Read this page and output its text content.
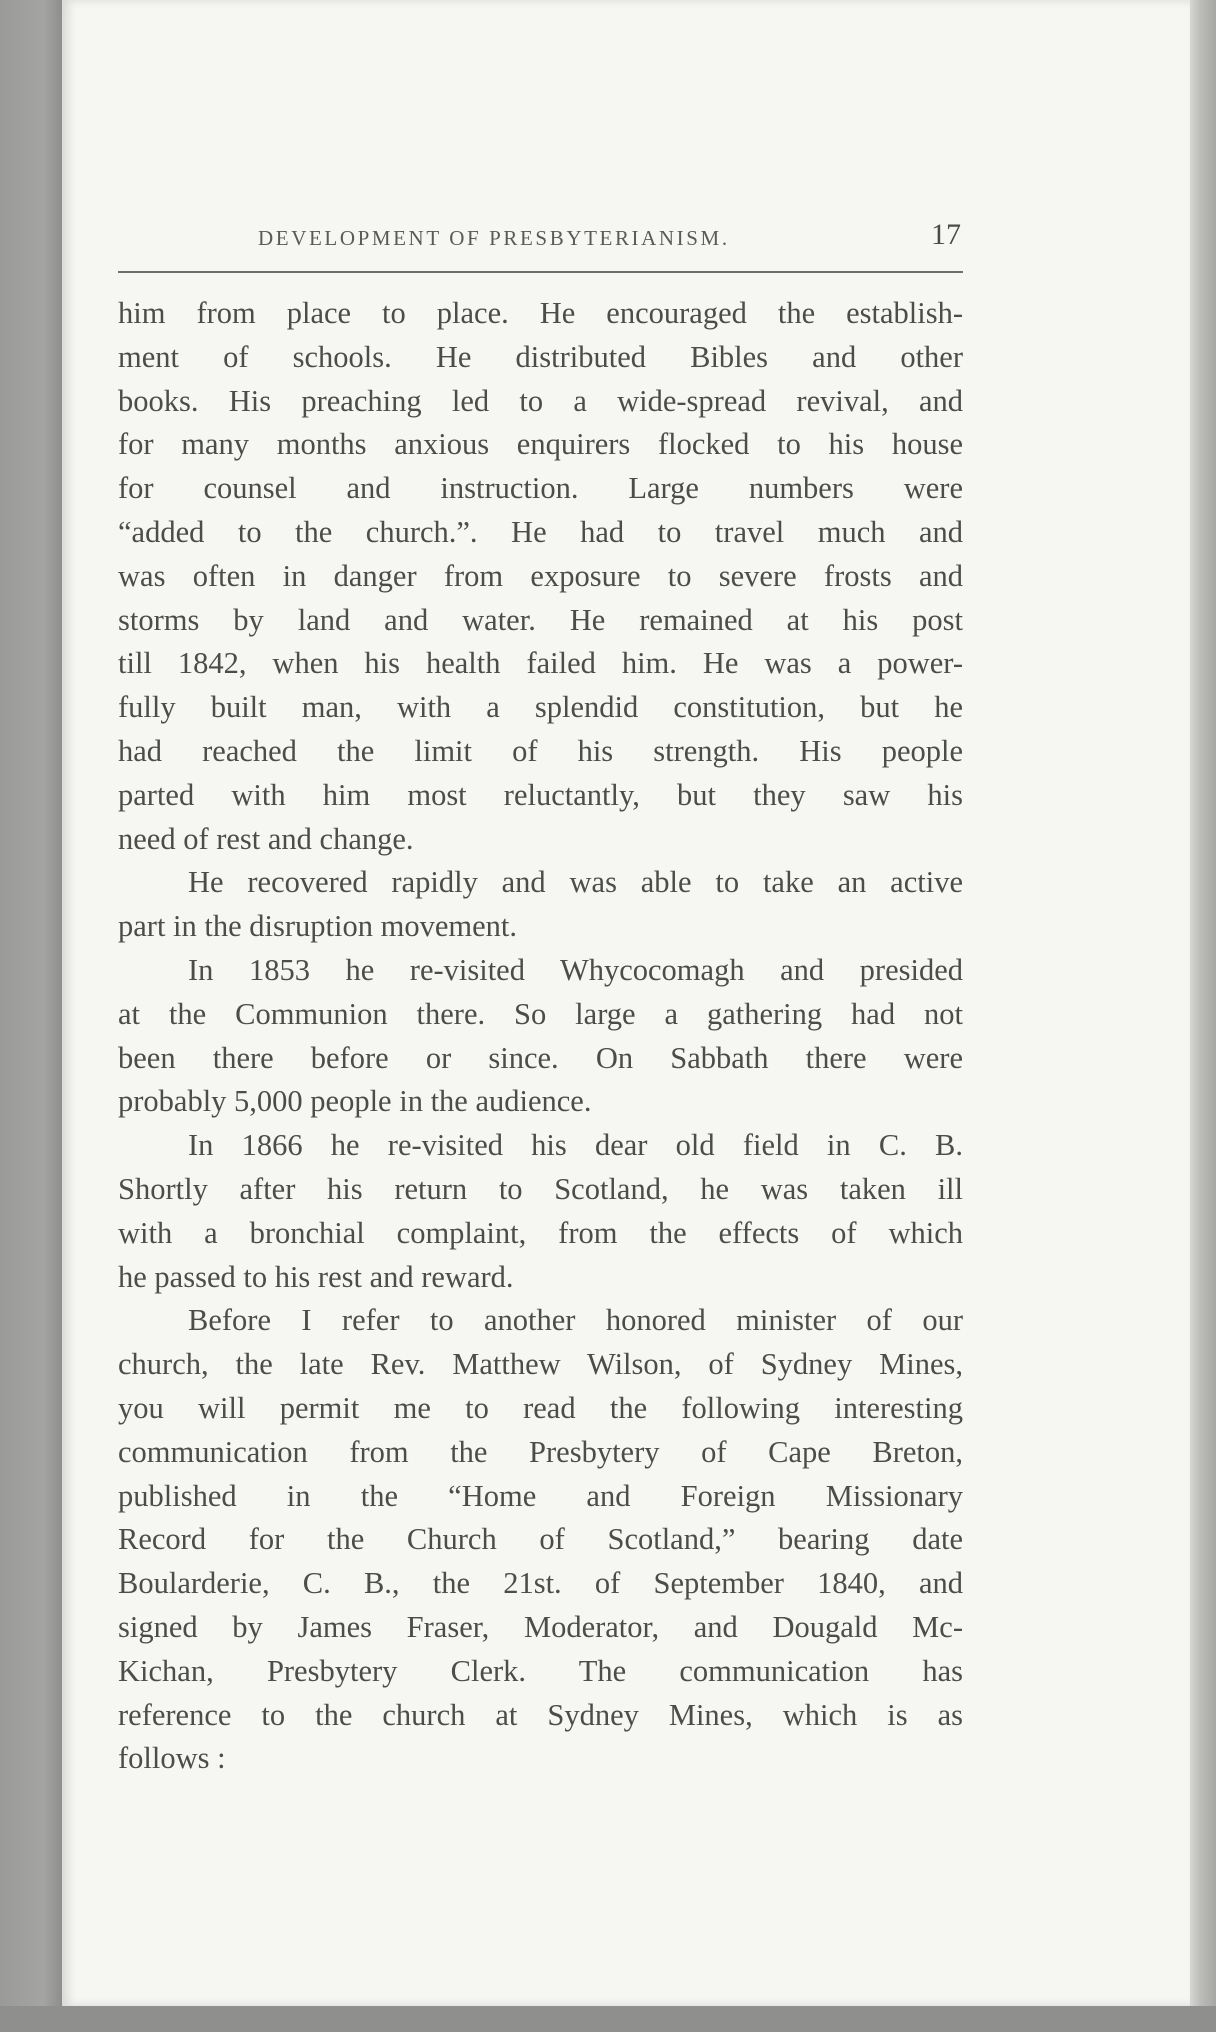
DEVELOPMENT OF PRESBYTERIANISM.	17
him from place to place. He encouraged the establish-
ment of schools. He distributed Bibles and other
books. His preaching led to a wide-spread revival, and
for many months anxious enquirers flocked to his house
for counsel and instruction. Large numbers were
“added to the church.”. He had to travel much and
was often in danger from exposure to severe frosts and
storms by land and water. He remained at his post
till 1842, when his health failed him. He was a power-
fully built man, with a splendid constitution, but he
had reached the limit of his strength. His people
parted with him most reluctantly, but they saw his
need of rest and change.
He recovered rapidly and was able to take an active
part in the disruption movement.
In 1853 he re-visited Whycocomagh and presided
at the Communion there. So large a gathering had not
been there before or since. On Sabbath there were
probably 5,000 people in the audience.
In 1866 he re-visited his dear old field in C. B.
Shortly after his return to Scotland, he was taken ill
with a bronchial complaint, from the effects of which
he passed to his rest and reward.
Before I refer to another honored minister of our
church, the late Rev. Matthew Wilson, of Sydney Mines,
you will permit me to read the following interesting
communication from the Presbytery of Cape Breton,
published in the “Home and Foreign Missionary
Record for the Church of Scotland,” bearing date
Boularderie, C. B., the 21st. of September 1840, and
signed by James Fraser, Moderator, and Dougald Mc-
Kichan, Presbytery Clerk. The communication has
reference to the church at Sydney Mines, which is as
follows :
